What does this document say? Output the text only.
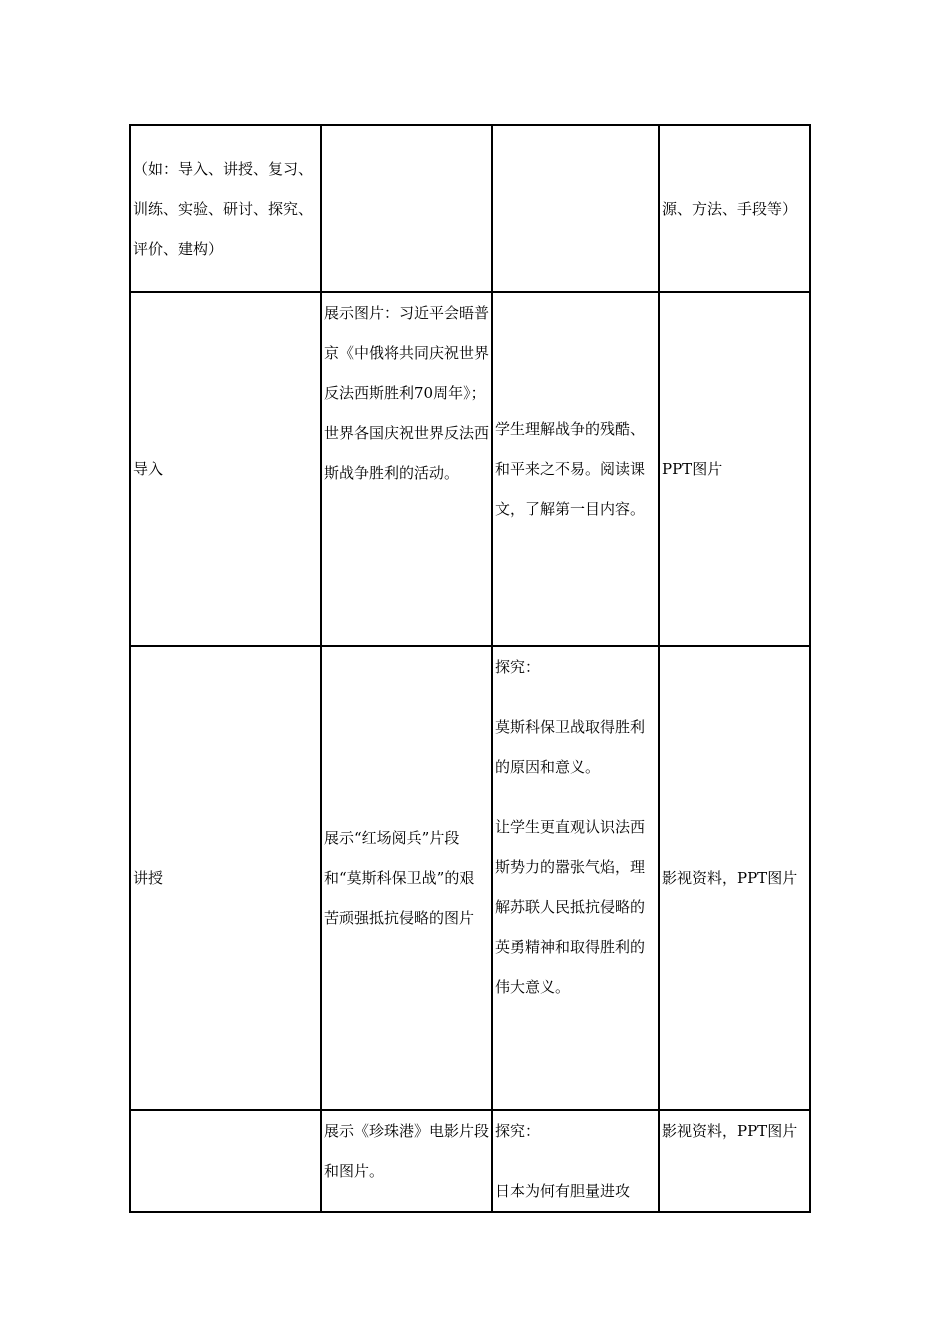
（如：导入、讲授、复习、训练、实验、研讨、探究、评价、建构）			源、方法、手段等）
导入	展示图片：习近平会晤普京《中俄将共同庆祝世界反法西斯胜利70周年》；世界各国庆祝世界反法西斯战争胜利的活动。	学生理解战争的残酷、和平来之不易。阅读课文，了解第一目内容。	PPT图片
讲授	展示“红场阅兵”片段和“莫斯科保卫战”的艰苦顽强抵抗侵略的图片	探究：
莫斯科保卫战取得胜利的原因和意义。
让学生更直观认识法西斯势力的嚣张气焰，理解苏联人民抵抗侵略的英勇精神和取得胜利的伟大意义。	影视资料，PPT图片
	展示《珍珠港》电影片段和图片。	探究：
日本为何有胆量进攻	影视资料，PPT图片
